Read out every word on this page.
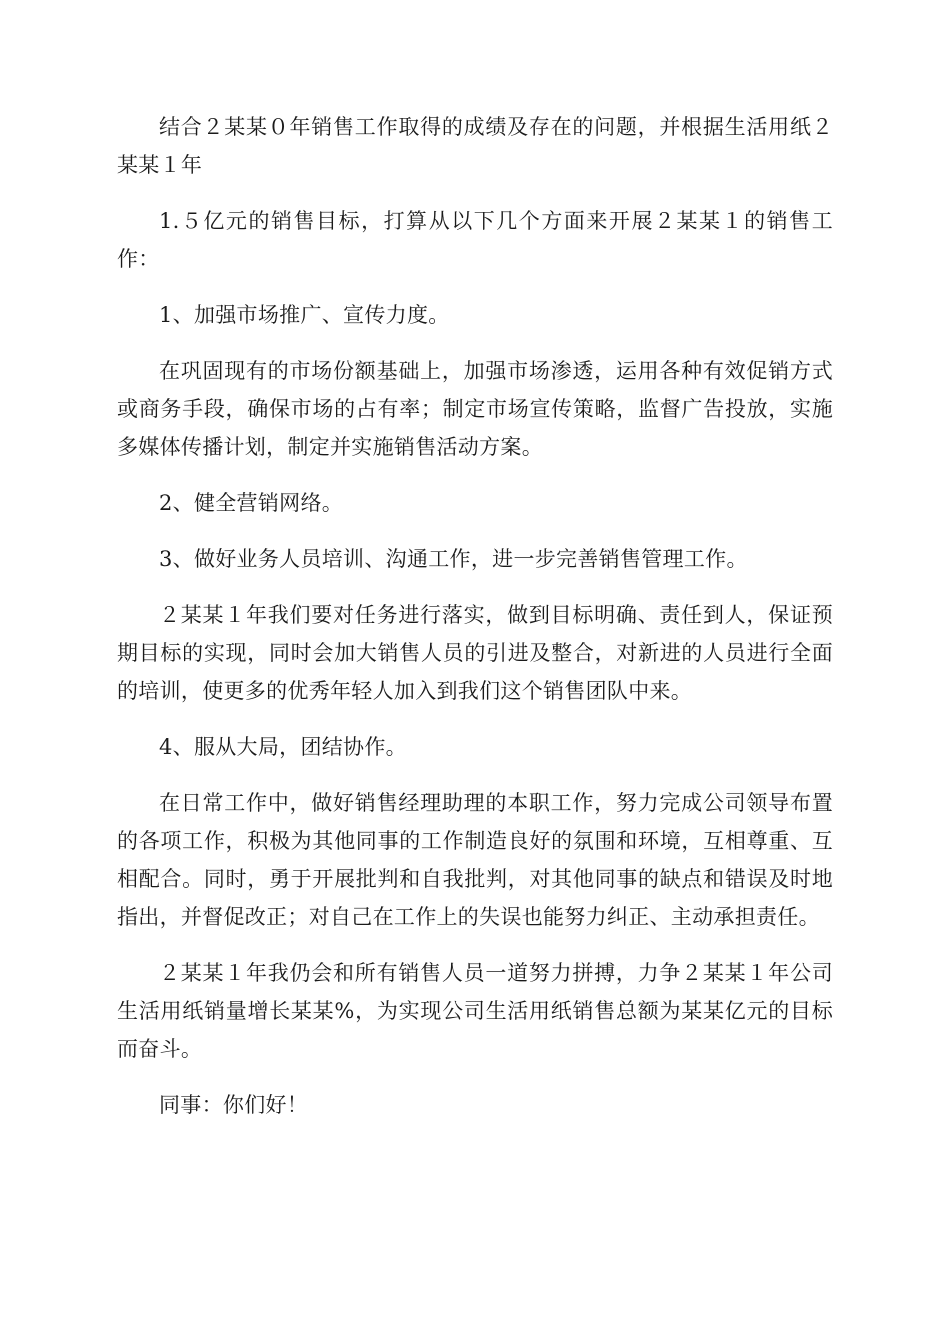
结合２某某０年销售工作取得的成绩及存在的问题，并根据生活用纸２某某１年

1.５亿元的销售目标，打算从以下几个方面来开展２某某１的销售工作：

1、加强市场推广、宣传力度。

在巩固现有的市场份额基础上，加强市场渗透，运用各种有效促销方式或商务手段，确保市场的占有率；制定市场宣传策略，监督广告投放，实施多媒体传播计划，制定并实施销售活动方案。

2、健全营销网络。

3、做好业务人员培训、沟通工作，进一步完善销售管理工作。

２某某１年我们要对任务进行落实，做到目标明确、责任到人，保证预期目标的实现，同时会加大销售人员的引进及整合，对新进的人员进行全面的培训，使更多的优秀年轻人加入到我们这个销售团队中来。

4、服从大局，团结协作。

在日常工作中，做好销售经理助理的本职工作，努力完成公司领导布置的各项工作，积极为其他同事的工作制造良好的氛围和环境，互相尊重、互相配合。同时，勇于开展批判和自我批判，对其他同事的缺点和错误及时地指出，并督促改正；对自己在工作上的失误也能努力纠正、主动承担责任。

２某某１年我仍会和所有销售人员一道努力拼搏，力争２某某１年公司生活用纸销量增长某某%，为实现公司生活用纸销售总额为某某亿元的目标而奋斗。

同事：你们好！
